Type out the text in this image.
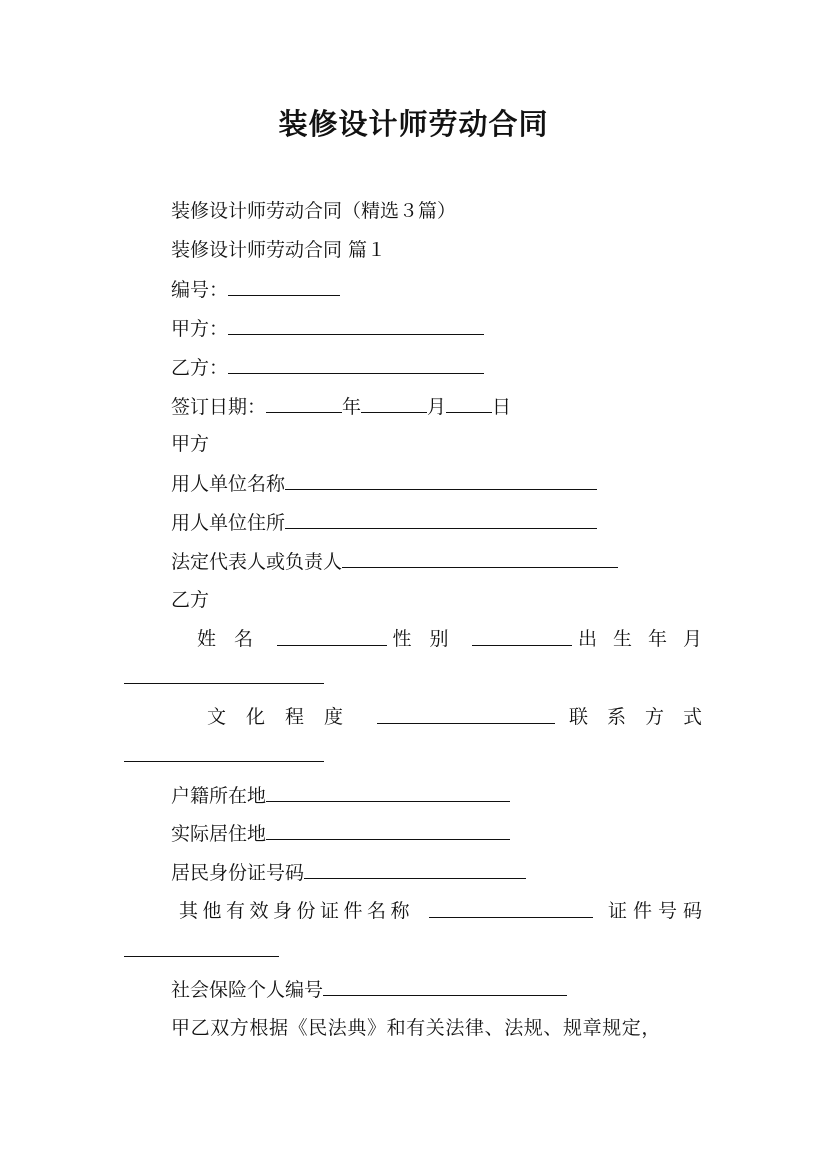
装修设计师劳动合同
装修设计师劳动合同（精选３篇）
装修设计师劳动合同 篇１
编号：
甲方：
乙方：
签订日期：	年	月 日
甲方
用人单位名称
用人单位住所
法定代表人或负责人
乙方
姓名	性别	出生年月
文化程度	联系方式
户籍所在地
实际居住地
居民身份证号码
其他有效身份证件名称	证件号码
社会保险个人编号
甲乙双方根据《民法典》和有关法律、法规、规章规定，
